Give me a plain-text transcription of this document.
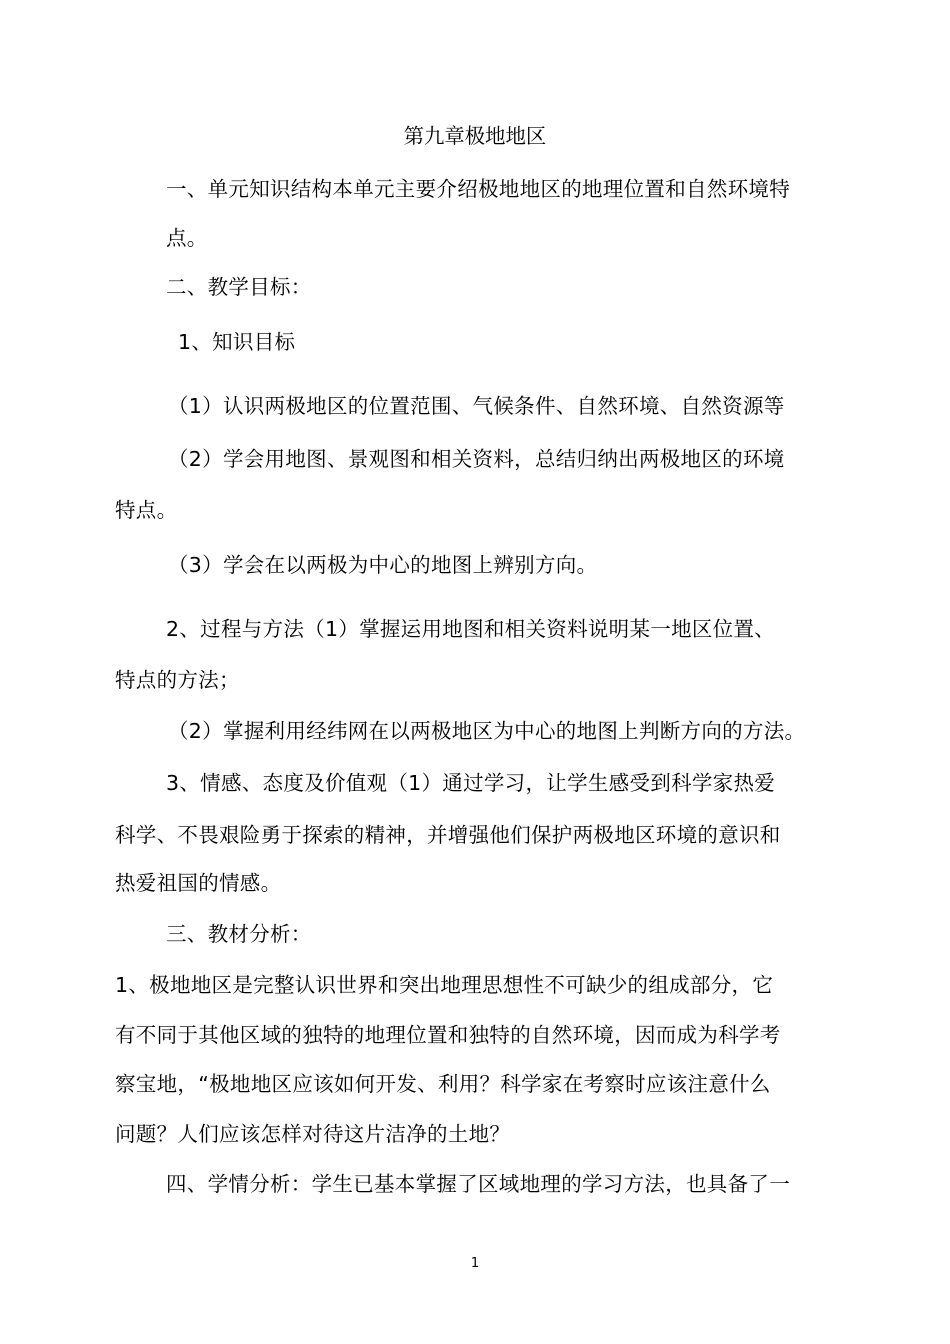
第九章极地地区
一、单元知识结构本单元主要介绍极地地区的地理位置和自然环境特
点。
二、教学目标：
1、知识目标
（1）认识两极地区的位置范围、气候条件、自然环境、自然资源等
（2）学会用地图、景观图和相关资料，总结归纳出两极地区的环境
特点。
（3）学会在以两极为中心的地图上辨别方向。
2、过程与方法（1）掌握运用地图和相关资料说明某一地区位置、
特点的方法；
（2）掌握利用经纬网在以两极地区为中心的地图上判断方向的方法。
3、情感、态度及价值观（1）通过学习，让学生感受到科学家热爱
科学、不畏艰险勇于探索的精神，并增强他们保护两极地区环境的意识和
热爱祖国的情感。
三、教材分析：
1、极地地区是完整认识世界和突出地理思想性不可缺少的组成部分，它
有不同于其他区域的独特的地理位置和独特的自然环境，因而成为科学考
察宝地，“极地地区应该如何开发、利用？科学家在考察时应该注意什么
问题？人们应该怎样对待这片洁净的土地？
四、学情分析：学生已基本掌握了区域地理的学习方法，也具备了一
1
